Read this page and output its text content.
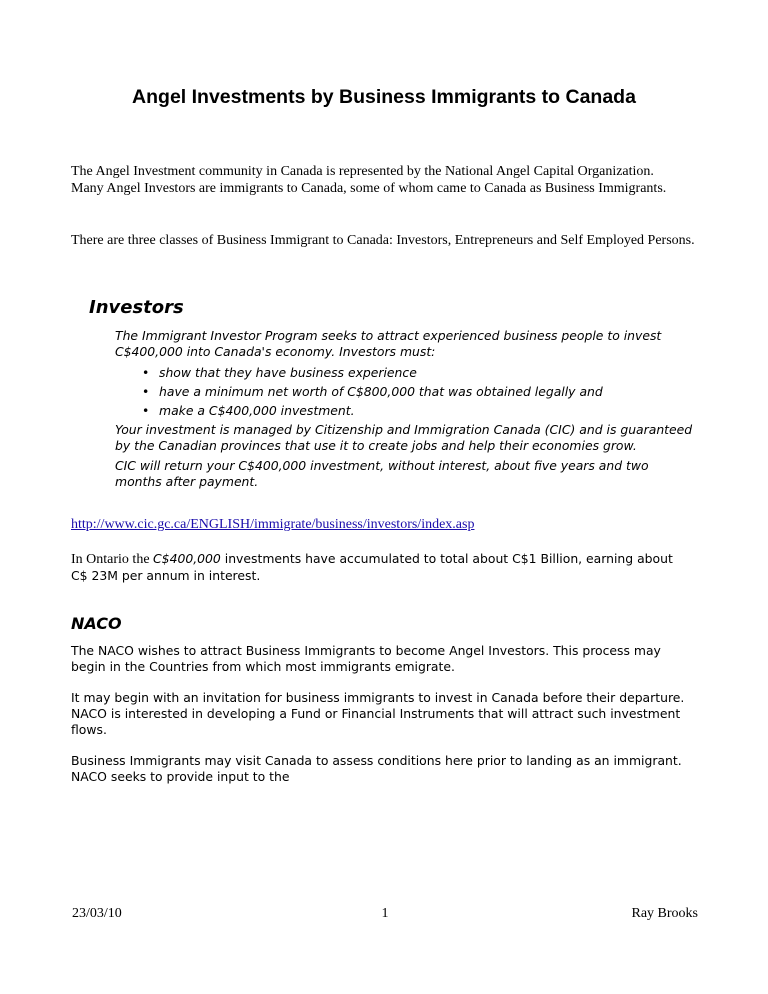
Angel Investments by Business Immigrants to Canada

The Angel Investment community in Canada is represented by the National Angel Capital Organization. Many Angel Investors are immigrants to Canada, some of whom came to Canada as Business Immigrants.

There are three classes of Business Immigrant to Canada: Investors, Entrepreneurs and Self Employed Persons.

Investors

The Immigrant Investor Program seeks to attract experienced business people to invest C$400,000 into Canada's economy. Investors must:

• show that they have business experience
• have a minimum net worth of C$800,000 that was obtained legally and
• make a C$400,000 investment.

Your investment is managed by Citizenship and Immigration Canada (CIC) and is guaranteed by the Canadian provinces that use it to create jobs and help their economies grow.

CIC will return your C$400,000 investment, without interest, about five years and two months after payment.

http://www.cic.gc.ca/ENGLISH/immigrate/business/investors/index.asp

In Ontario the C$400,000 investments have accumulated to total about C$1 Billion, earning about C$ 23M per annum in interest.

NACO

The NACO wishes to attract Business Immigrants to become Angel Investors. This process may begin in the Countries from which most immigrants emigrate.

It may begin with an invitation for business immigrants to invest in Canada before their departure. NACO is interested in developing a Fund or Financial Instruments that will attract such investment flows.

Business Immigrants may visit Canada to assess conditions here prior to landing as an immigrant. NACO seeks to provide input to the

23/03/10	1	Ray Brooks
